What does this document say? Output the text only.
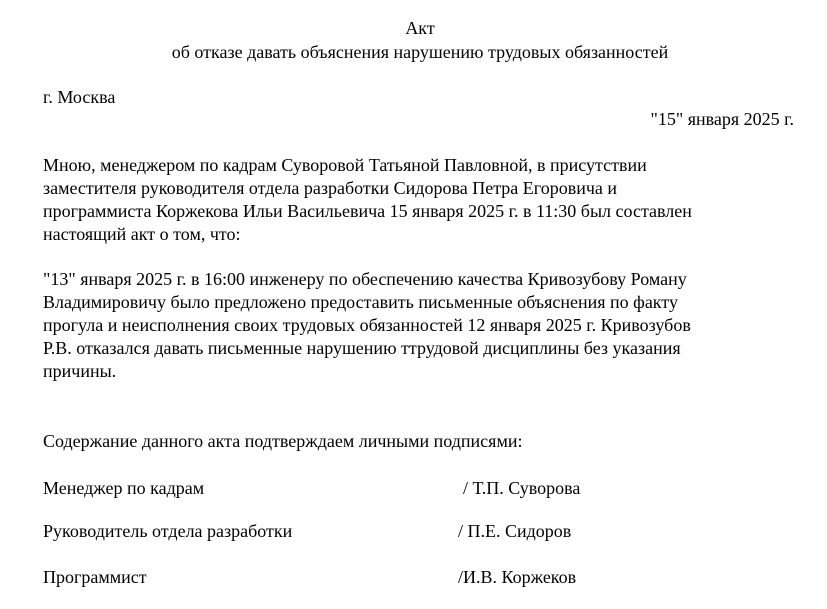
Акт
об отказе давать объяснения нарушению трудовых обязанностей
г. Москва
"15" января 2025 г.
Мною, менеджером по кадрам Суворовой Татьяной Павловной, в присутствии
заместителя руководителя отдела разработки Сидорова Петра Егоровича и
программиста Коржекова Ильи Васильевича 15 января 2025 г. в 11:30 был составлен
настоящий акт о том, что:
"13" января 2025 г. в 16:00 инженеру по обеспечению качества Кривозубову Роману
Владимировичу было предложено предоставить письменные объяснения по факту
прогула и неисполнения своих трудовых обязанностей 12 января 2025 г. Кривозубов
Р.В. отказался давать письменные нарушению ттрудовой дисциплины без указания
причины.
Содержание данного акта подтверждаем личными подписями:
Менеджер по кадрам	/ Т.П. Суворова
Руководитель отдела разработки	/ П.Е. Сидоров
Программист	/И.В. Коржеков
